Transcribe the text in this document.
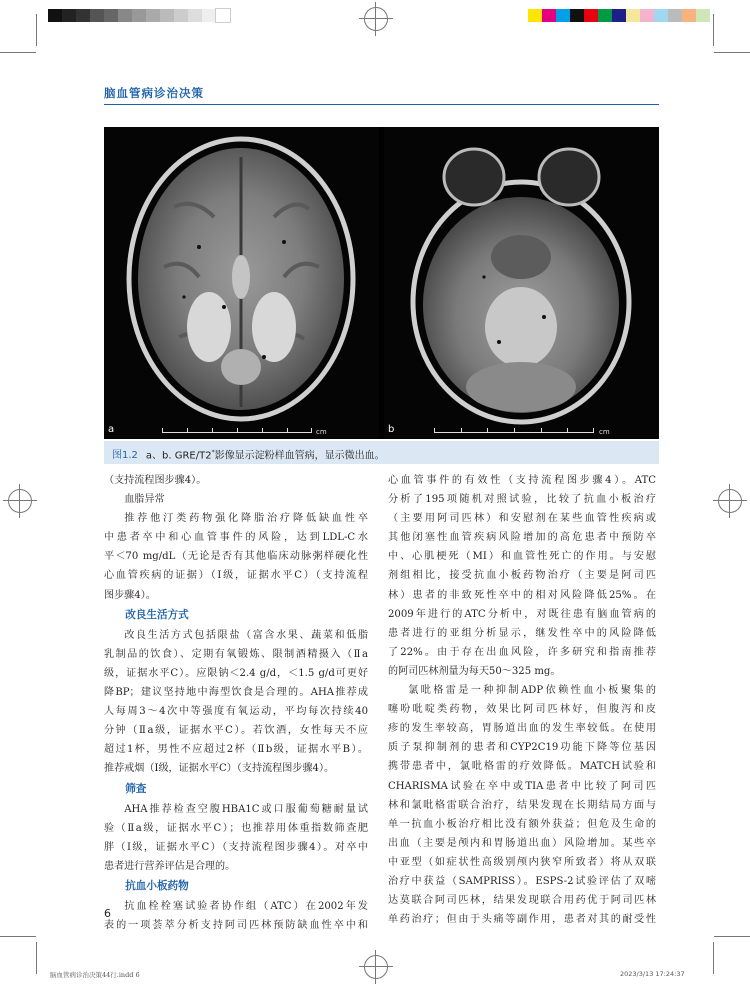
脑血管病诊治决策
a	cm	b	cm
图1.2 a、b. GRE/T2*影像显示淀粉样血管病，显示微出血。

（支持流程图步骤4）。

血脂异常

推荐他汀类药物强化降脂治疗降低缺血性卒

中患者卒中和心血管事件的风险，达到LDL-C水

平＜70 mg/dL（无论是否有其他临床动脉粥样硬化性

心血管疾病的证据）（Ⅰ级，证据水平C）（支持流程

图步骤4）。

改良生活方式

改良生活方式包括限盐（富含水果、蔬菜和低脂

乳制品的饮食）、定期有氧锻炼、限制酒精摄入（Ⅱa

级，证据水平C）。应限钠＜2.4 g/d，＜1.5 g/d可更好

降BP；建议坚持地中海型饮食是合理的。AHA推荐成

人每周3～4次中等强度有氧运动，平均每次持续40

分钟（Ⅱa级，证据水平C）。若饮酒，女性每天不应

超过1杯，男性不应超过2杯（Ⅱb级，证据水平B）。

推荐戒烟（Ⅰ级，证据水平C）（支持流程图步骤4）。

筛查

AHA推荐检查空腹HBA1C或口服葡萄糖耐量试

验（Ⅱa级，证据水平C）；也推荐用体重指数筛查肥

胖（Ⅰ级，证据水平C）（支持流程图步骤4）。对卒中

患者进行营养评估是合理的。

抗血小板药物

抗血栓栓塞试验者协作组（ATC）在2002年发

表的一项荟萃分析支持阿司匹林预防缺血性卒中和

心血管事件的有效性（支持流程图步骤4）。ATC

分析了195项随机对照试验，比较了抗血小板治疗

（主要用阿司匹林）和安慰剂在某些血管性疾病或

其他闭塞性血管疾病风险增加的高危患者中预防卒

中、心肌梗死（MI）和血管性死亡的作用。与安慰

剂组相比，接受抗血小板药物治疗（主要是阿司匹

林）患者的非致死性卒中的相对风险降低25%。在

2009年进行的ATC分析中，对既往患有脑血管病的

患者进行的亚组分析显示，继发性卒中的风险降低

了22%。由于存在出血风险，许多研究和指南推荐

的阿司匹林剂量为每天50～325 mg。

氯吡格雷是一种抑制ADP依赖性血小板聚集的

噻吩吡啶类药物，效果比阿司匹林好，但腹泻和皮

疹的发生率较高，胃肠道出血的发生率较低。在使用

质子泵抑制剂的患者和CYP2C19功能下降等位基因

携带患者中，氯吡格雷的疗效降低。MATCH试验和

CHARISMA试验在卒中或TIA患者中比较了阿司匹

林和氯吡格雷联合治疗，结果发现在长期结局方面与

单一抗血小板治疗相比没有额外获益；但危及生命的

出血（主要是颅内和胃肠道出血）风险增加。某些卒

中亚型（如症状性高级别颅内狭窄所致者）将从双联

治疗中获益（SAMPRISS）。ESPS-2试验评估了双嘧

达莫联合阿司匹林，结果发现联合用药优于阿司匹林

单药治疗；但由于头痛等副作用，患者对其的耐受性

6
脑血管病诊治决策44行.indd 6	2023/3/13 17:24:37
